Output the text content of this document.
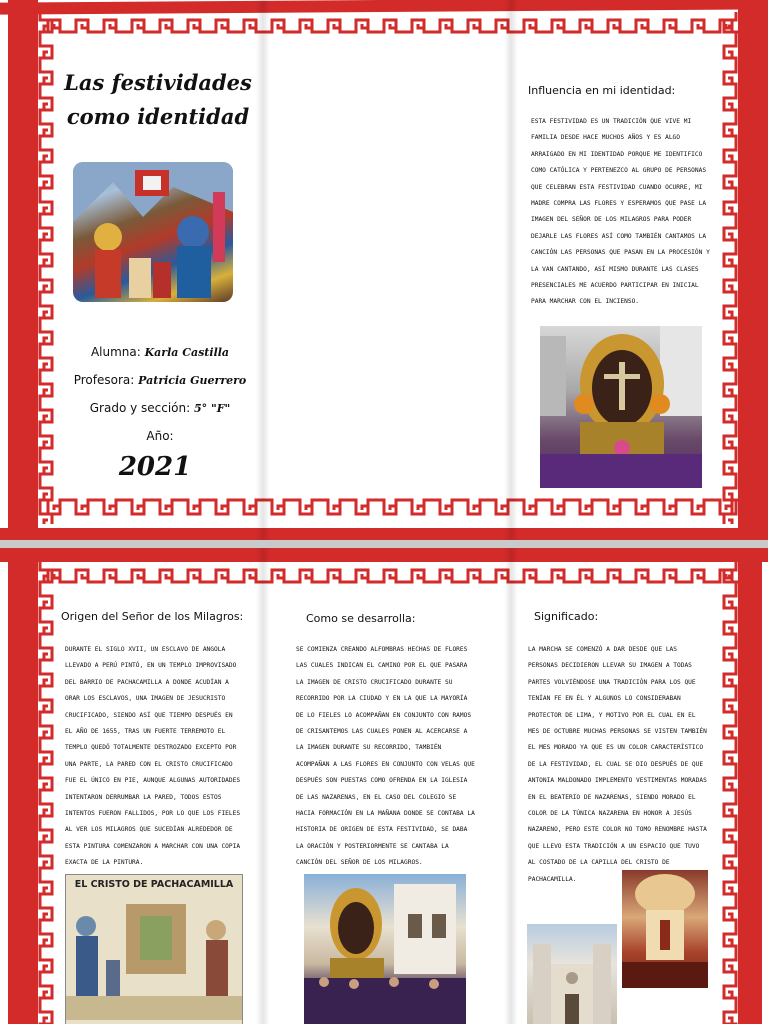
Las festividades
como identidad
Alumna: Karla Castilla
Profesora: Patricia Guerrero
Grado y sección: 5° "F"
Año:
2021
Influencia en mi identidad:
ESTA FESTIVIDAD ES UN TRADICIÓN QUE VIVE MI FAMILIA DESDE HACE MUCHOS AÑOS Y ES ALGO ARRAIGADO EN MI IDENTIDAD PORQUE ME IDENTIFICO COMO CATÓLICA Y PERTENEZCO AL GRUPO DE PERSONAS QUE CELEBRAN ESTA FESTIVIDAD CUANDO OCURRE, MI MADRE COMPRA LAS FLORES Y ESPERAMOS QUE PASE LA IMAGEN DEL SEÑOR DE LOS MILAGROS PARA PODER DEJARLE LAS FLORES ASÍ COMO TAMBIÉN CANTAMOS LA CANCIÓN LAS PERSONAS QUE PASAN EN LA PROCESIÓN Y LA VAN CANTANDO, ASÍ MISMO DURANTE LAS CLASES PRESENCIALES ME ACUERDO PARTICIPAR EN INICIAL PARA MARCHAR CON EL INCIENSO.
Origen del Señor de los Milagros:
DURANTE EL SIGLO XVII, UN ESCLAVO DE ANGOLA LLEVADO A PERÚ PINTÓ, EN UN TEMPLO IMPROVISADO DEL BARRIO DE PACHACAMILLA A DONDE ACUDÍAN A ORAR LOS ESCLAVOS, UNA IMAGEN DE JESUCRISTO CRUCIFICADO, SIENDO ASÍ QUE TIEMPO DESPUÉS EN EL AÑO DE 1655, TRAS UN FUERTE TERREMOTO EL TEMPLO QUEDÓ TOTALMENTE DESTROZADO EXCEPTO POR UNA PARTE, LA PARED CON EL CRISTO CRUCIFICADO FUE EL ÚNICO EN PIE, AUNQUE ALGUNAS AUTORIDADES INTENTARON DERRUMBAR LA PARED, TODOS ESTOS INTENTOS FUERON FALLIDOS, POR LO QUE LOS FIELES AL VER LOS MILAGROS QUE SUCEDÍAN ALREDEDOR DE ESTA PINTURA COMENZARON A MARCHAR CON UNA COPIA EXACTA DE LA PINTURA.
EL CRISTO DE PACHACAMILLA
Como se desarrolla:
SE COMIENZA CREANDO ALFOMBRAS HECHAS DE FLORES LAS CUALES INDICAN EL CAMINO POR EL QUE PASARA LA IMAGEN DE CRISTO CRUCIFICADO DURANTE SU RECORRIDO POR LA CIUDAD Y EN LA QUE LA MAYORÍA DE LO FIELES LO ACOMPAÑAN EN CONJUNTO CON RAMOS DE CRISANTEMOS LAS CUALES PONEN AL ACERCARSE A LA IMAGEN DURANTE SU RECORRIDO, TAMBIÉN ACOMPAÑAN A LAS FLORES EN CONJUNTO CON VELAS QUE DESPUÉS SON PUESTAS COMO OFRENDA EN LA IGLESIA DE LAS NAZARENAS, EN EL CASO DEL COLEGIO SE HACIA FORMACIÓN EN LA MAÑANA DONDE SE CONTABA LA HISTORIA DE ORIGEN DE ESTA FESTIVIDAD, SE DABA LA ORACIÓN Y POSTERIORMENTE SE CANTABA LA CANCIÓN DEL SEÑOR DE LOS MILAGROS.
Significado:
LA MARCHA SE COMENZÓ A DAR DESDE QUE LAS PERSONAS DECIDIERON LLEVAR SU IMAGEN A TODAS PARTES VOLVIÉNDOSE UNA TRADICIÓN PARA LOS QUE TENÍAN FE EN ÉL Y ALGUNOS LO CONSIDERABAN PROTECTOR DE LIMA, Y MOTIVO POR EL CUAL EN EL MES DE OCTUBRE MUCHAS PERSONAS SE VISTEN TAMBIÉN EL MES MORADO YA QUE ES UN COLOR CARACTERÍSTICO DE LA FESTIVIDAD, EL CUAL SE DIO DESPUÉS DE QUE ANTONIA MALDONADO IMPLEMENTO VESTIMENTAS MORADAS EN EL BEATERIO DE NAZARENAS, SIENDO MORADO EL COLOR DE LA TÚNICA NAZARENA EN HONOR A JESÚS NAZARENO, PERO ESTE COLOR NO TOMO RENOMBRE HASTA QUE LLEVO ESTA TRADICIÓN A UN ESPACIO QUE TUVO AL COSTADO DE LA CAPILLA DEL CRISTO DE PACHACAMILLA.
